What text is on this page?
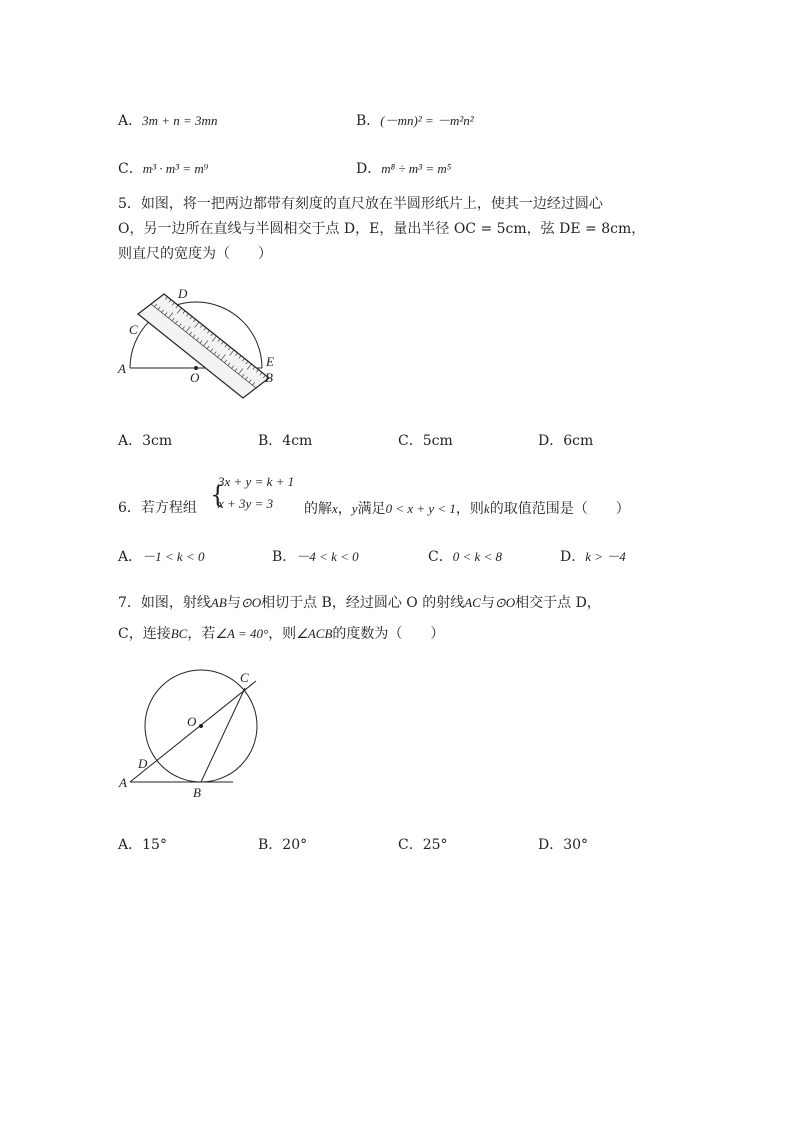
A．3m + n = 3mn	B．(－mn)² = －m²n²
C．m³ · m³ = m⁹	D．m⁸ ÷ m³ = m⁵
5．如图，将一把两边都带有刻度的直尺放在半圆形纸片上，使其一边经过圆心
O，另一边所在直线与半圆相交于点 D，E，量出半径 OC = 5cm，弦 DE = 8cm，
则直尺的宽度为（　　）
A
B
C
D
E
O
A．3cm	B．4cm	C．5cm	D．6cm
6．若方程组 {
3x + y = k + 1
x + 3y = 3 的解x，y满足0 < x + y < 1，则k的取值范围是（　　）
A．－1 < k < 0	B．－4 < k < 0	C．0 < k < 8	D．k > －4
7．如图，射线AB与⊙O相切于点 B，经过圆心 O 的射线AC与⊙O相交于点 D，
C，连接BC，若∠A = 40°，则∠ACB的度数为（　　）
A
B
C
D
O
A．15°	B．20°	C．25°	D．30°
